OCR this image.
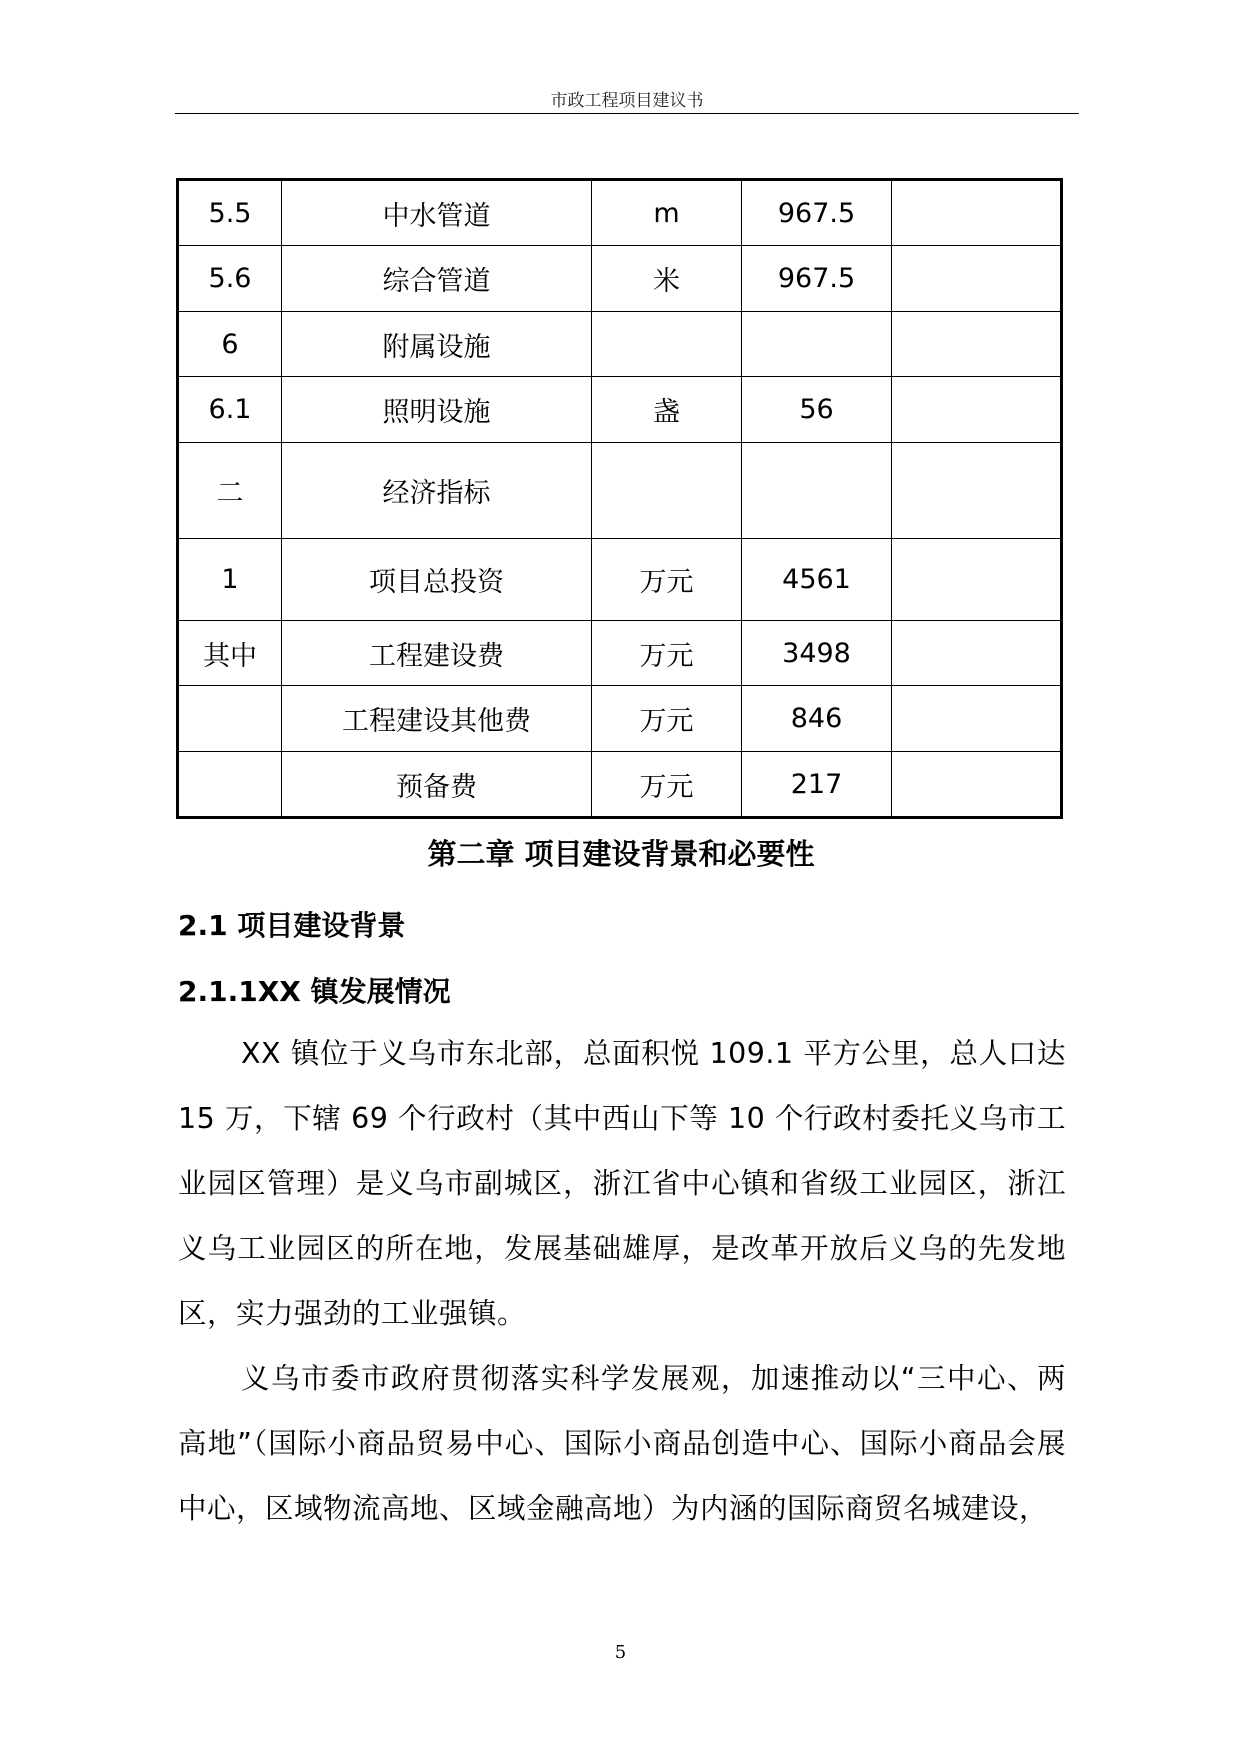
市政工程项目建议书
5.5	中水管道	m	967.5	
5.6	综合管道	米	967.5	
6	附属设施			
6.1	照明设施	盏	56	
二	经济指标			
1	项目总投资	万元	4561	
其中	工程建设费	万元	3498	
	工程建设其他费	万元	846	
	预备费	万元	217	
第二章 项目建设背景和必要性
2.1 项目建设背景
2.1.1XX 镇发展情况

XX 镇位于义乌市东北部，总面积悦 109.1 平方公里，总人口达 15 万，下辖 69 个行政村（其中西山下等 10 个行政村委托义乌市工业园区管理）是义乌市副城区，浙江省中心镇和省级工业园区，浙江义乌工业园区的所在地，发展基础雄厚，是改革开放后义乌的先发地区，实力强劲的工业强镇。

义乌市委市政府贯彻落实科学发展观，加速推动以“三中心、两高地”（国际小商品贸易中心、国际小商品创造中心、国际小商品会展中心，区域物流高地、区域金融高地）为内涵的国际商贸名城建设，

5
